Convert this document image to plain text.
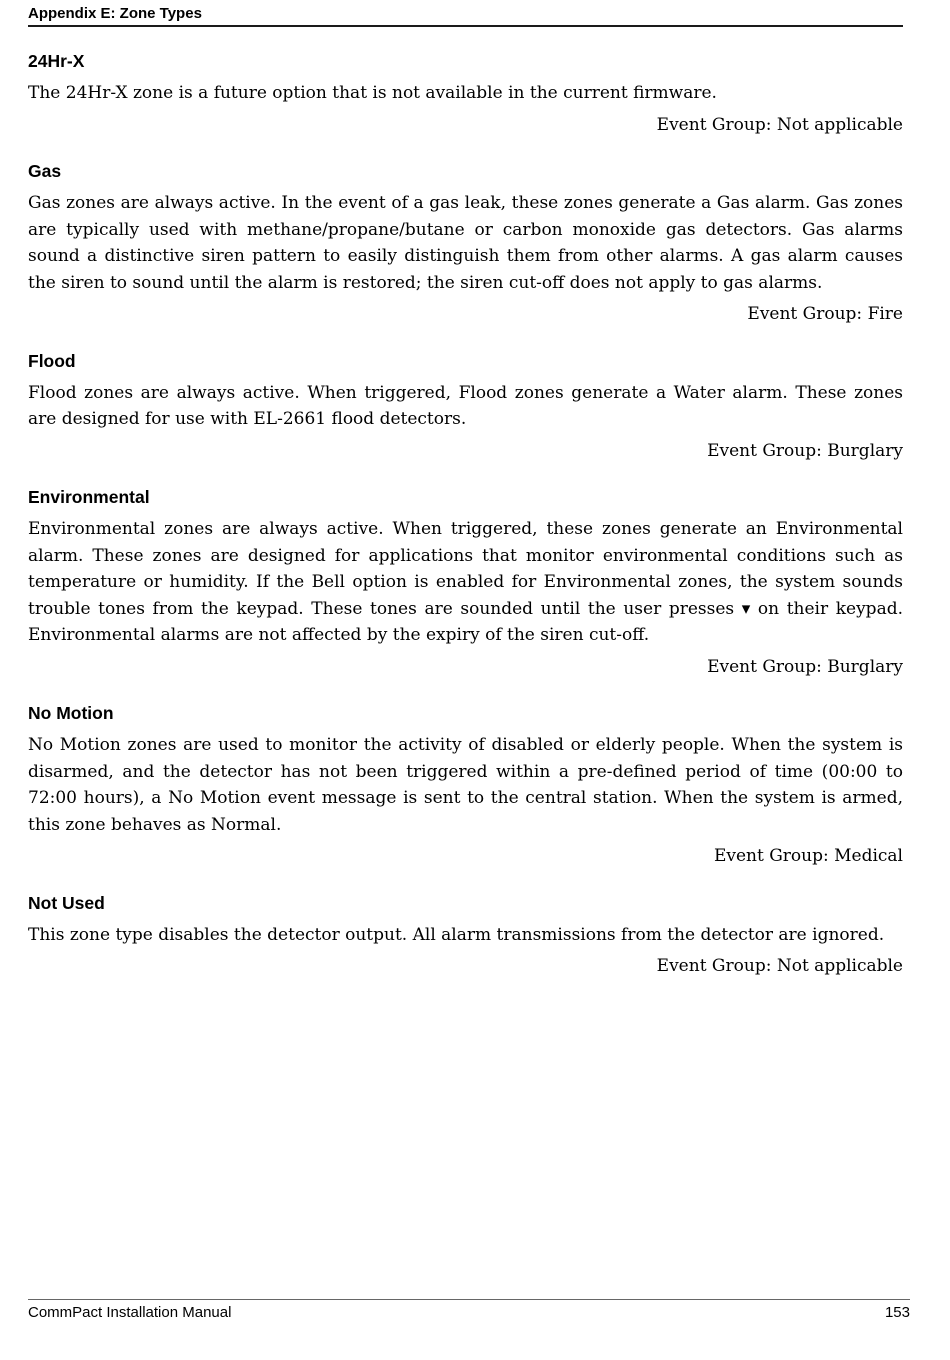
Appendix E: Zone Types
24Hr-X

The 24Hr-X zone is a future option that is not available in the current firmware.

Event Group: Not applicable

Gas

Gas zones are always active. In the event of a gas leak, these zones generate a Gas alarm. Gas zones are typically used with methane/propane/butane or carbon monoxide gas detectors. Gas alarms sound a distinctive siren pattern to easily distinguish them from other alarms. A gas alarm causes the siren to sound until the alarm is restored; the siren cut-off does not apply to gas alarms.

Event Group: Fire

Flood

Flood zones are always active. When triggered, Flood zones generate a Water alarm. These zones are designed for use with EL-2661 flood detectors.

Event Group: Burglary

Environmental

Environmental zones are always active. When triggered, these zones generate an Environmental alarm. These zones are designed for applications that monitor environmental conditions such as temperature or humidity. If the Bell option is enabled for Environmental zones, the system sounds trouble tones from the keypad. These tones are sounded until the user presses ▾ on their keypad. Environmental alarms are not affected by the expiry of the siren cut-off.

Event Group: Burglary

No Motion

No Motion zones are used to monitor the activity of disabled or elderly people. When the system is disarmed, and the detector has not been triggered within a pre-defined period of time (00:00 to 72:00 hours), a No Motion event message is sent to the central station. When the system is armed, this zone behaves as Normal.

Event Group: Medical

Not Used

This zone type disables the detector output. All alarm transmissions from the detector are ignored.

Event Group: Not applicable

CommPact Installation Manual	153
